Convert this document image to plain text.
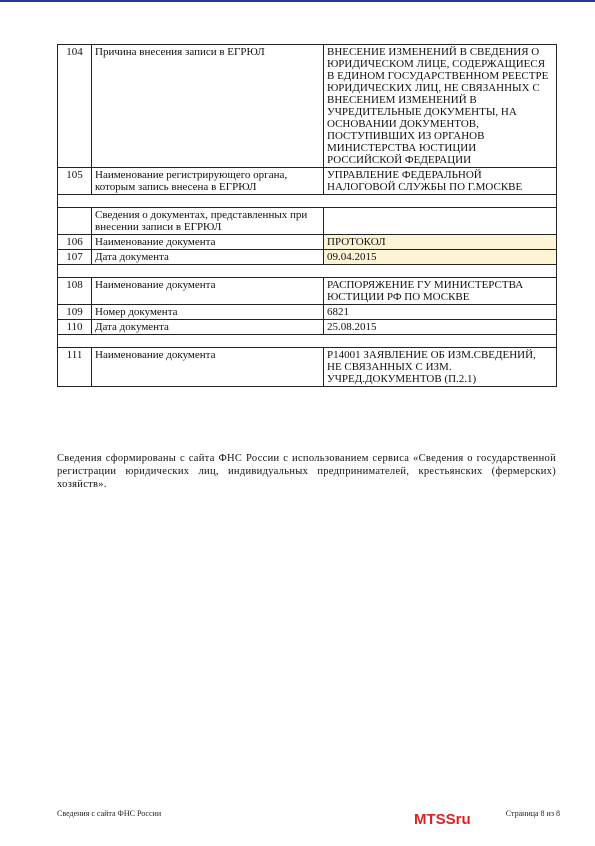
104	Причина внесения записи в ЕГРЮЛ	ВНЕСЕНИЕ ИЗМЕНЕНИЙ В СВЕДЕНИЯ О ЮРИДИЧЕСКОМ ЛИЦЕ, СОДЕРЖАЩИЕСЯ В ЕДИНОМ ГОСУДАРСТВЕННОМ РЕЕСТРЕ ЮРИДИЧЕСКИХ ЛИЦ, НЕ СВЯЗАННЫХ С ВНЕСЕНИЕМ ИЗМЕНЕНИЙ В УЧРЕДИТЕЛЬНЫЕ ДОКУМЕНТЫ, НА ОСНОВАНИИ ДОКУМЕНТОВ, ПОСТУПИВШИХ ИЗ ОРГАНОВ МИНИСТЕРСТВА ЮСТИЦИИ РОССИЙСКОЙ ФЕДЕРАЦИИ
105	Наименование регистрирующего органа, которым запись внесена в ЕГРЮЛ	УПРАВЛЕНИЕ ФЕДЕРАЛЬНОЙ НАЛОГОВОЙ СЛУЖБЫ ПО Г.МОСКВЕ

	Сведения о документах, представленных при внесении записи в ЕГРЮЛ	
106	Наименование документа	ПРОТОКОЛ
107	Дата документа	09.04.2015

108	Наименование документа	РАСПОРЯЖЕНИЕ ГУ МИНИСТЕРСТВА ЮСТИЦИИ РФ ПО МОСКВЕ
109	Номер документа	6821
110	Дата документа	25.08.2015

111	Наименование документа	Р14001 ЗАЯВЛЕНИЕ ОБ ИЗМ.СВЕДЕНИЙ, НЕ СВЯЗАННЫХ С ИЗМ. УЧРЕД.ДОКУМЕНТОВ (П.2.1)
Сведения сформированы с сайта ФНС России с использованием сервиса «Сведения о государственной регистрации юридических лиц, индивидуальных предпринимателей, крестьянских (фермерских) хозяйств».
Сведения с сайта ФНС России	MTSSru	Страница 8 из 8
